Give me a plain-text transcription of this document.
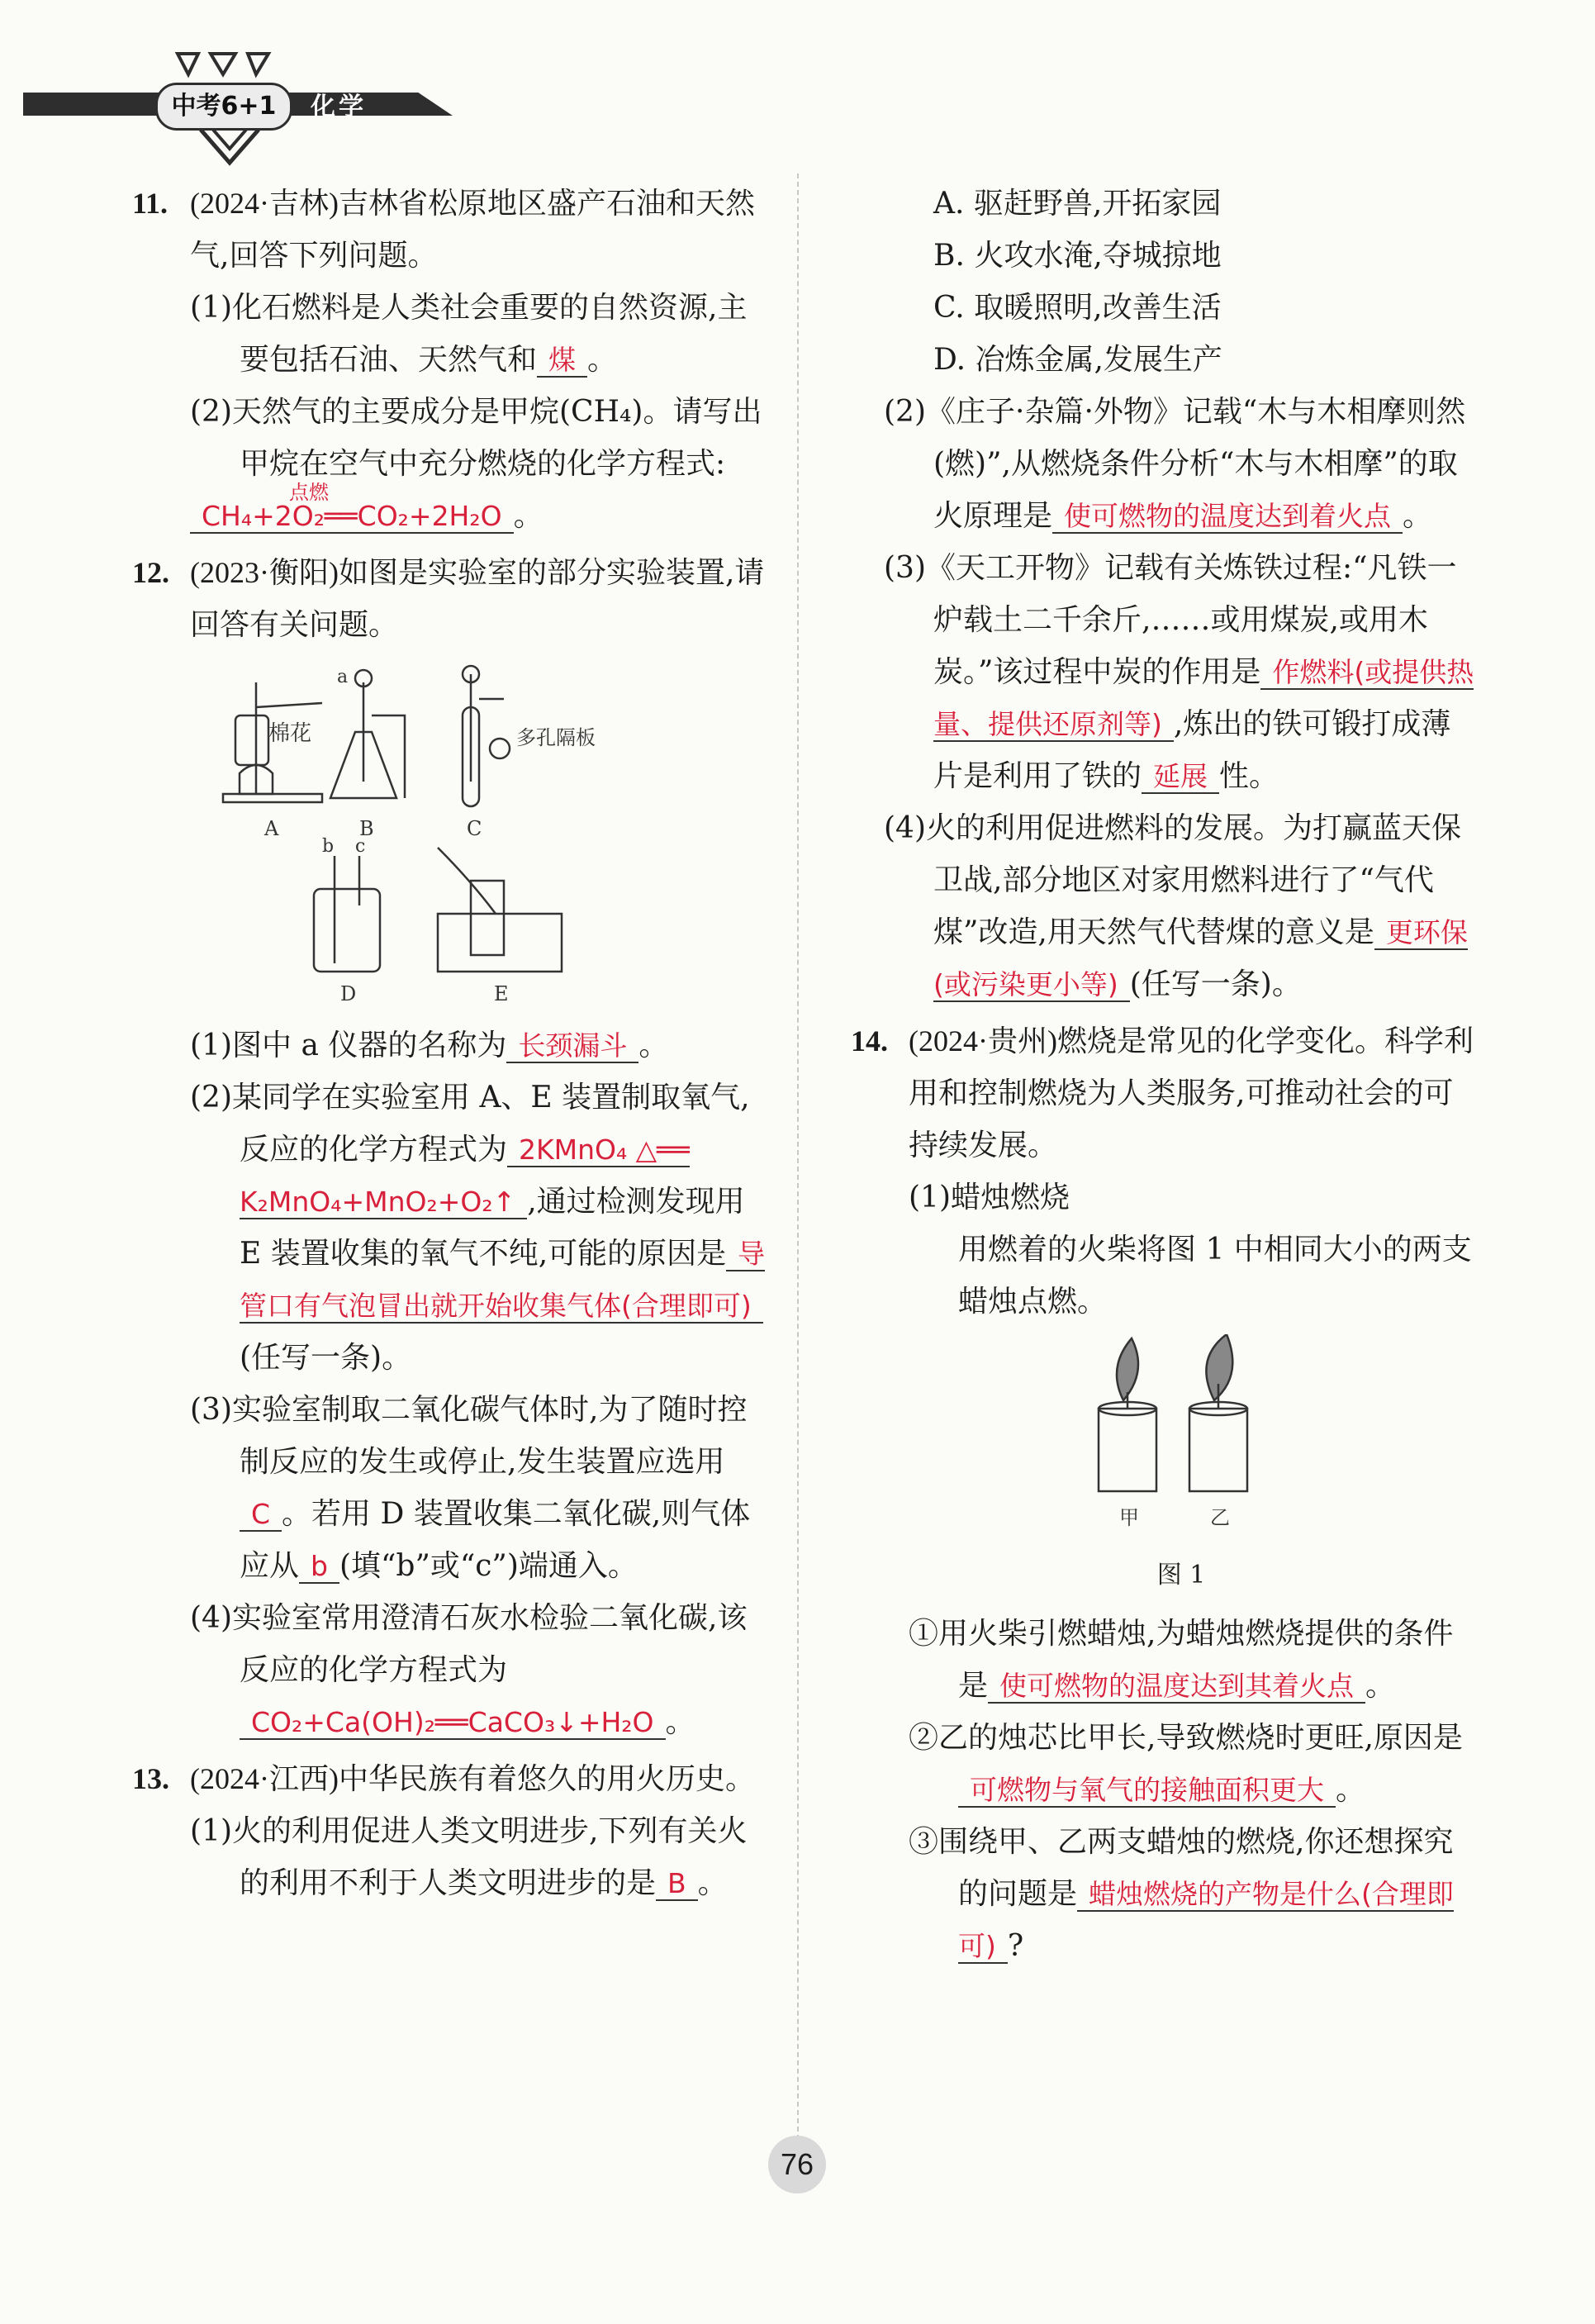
中考6+1	化学
11. (2024·吉林)吉林省松原地区盛产石油和天然气,回答下列问题。
(1)化石燃料是人类社会重要的自然资源,主要包括石油、天然气和 煤 。
(2)天然气的主要成分是甲烷(CH₄)。请写出甲烷在空气中充分燃烧的化学方程式:
点燃
CH₄+2O₂══CO₂+2H₂O 。
12. (2023·衡阳)如图是实验室的部分实验装置,请回答有关问题。
棉花	多孔隔板
a
b c
A	B	C
D	E
(1)图中 a 仪器的名称为 长颈漏斗 。
(2)某同学在实验室用 A、E 装置制取氧气,反应的化学方程式为 2KMnO₄ △══ K₂MnO₄+MnO₂+O₂↑ ,通过检测发现用 E 装置收集的氧气不纯,可能的原因是 导管口有气泡冒出就开始收集气体(合理即可)(任写一条)。
(3)实验室制取二氧化碳气体时,为了随时控制反应的发生或停止,发生装置应选用C 。若用 D 装置收集二氧化碳,则气体应从 b (填“b”或“c”)端通入。
(4)实验室常用澄清石灰水检验二氧化碳,该反应的化学方程式为CO₂+Ca(OH)₂══CaCO₃↓+H₂O 。
13. (2024·江西)中华民族有着悠久的用火历史。
(1)火的利用促进人类文明进步,下列有关火的利用不利于人类文明进步的是 B 。
A. 驱赶野兽,开拓家园
B. 火攻水淹,夺城掠地
C. 取暖照明,改善生活
D. 冶炼金属,发展生产
(2)《庄子·杂篇·外物》记载“木与木相摩则然(燃)”,从燃烧条件分析“木与木相摩”的取火原理是 使可燃物的温度达到着火点 。
(3)《天工开物》记载有关炼铁过程:“凡铁一炉载土二千余斤,……或用煤炭,或用木炭。”该过程中炭的作用是 作燃料(或提供热量、提供还原剂等) ,炼出的铁可锻打成薄片是利用了铁的 延展 性。
(4)火的利用促进燃料的发展。为打赢蓝天保卫战,部分地区对家用燃料进行了“气代煤”改造,用天然气代替煤的意义是 更环保(或污染更小等) (任写一条)。
14. (2024·贵州)燃烧是常见的化学变化。科学利用和控制燃烧为人类服务,可推动社会的可持续发展。
(1)蜡烛燃烧
用燃着的火柴将图 1 中相同大小的两支蜡烛点燃。
甲	乙
图 1
①用火柴引燃蜡烛,为蜡烛燃烧提供的条件是 使可燃物的温度达到其着火点 。
②乙的烛芯比甲长,导致燃烧时更旺,原因是可燃物与氧气的接触面积更大 。
③围绕甲、乙两支蜡烛的燃烧,你还想探究的问题是 蜡烛燃烧的产物是什么(合理即可) ?
76
